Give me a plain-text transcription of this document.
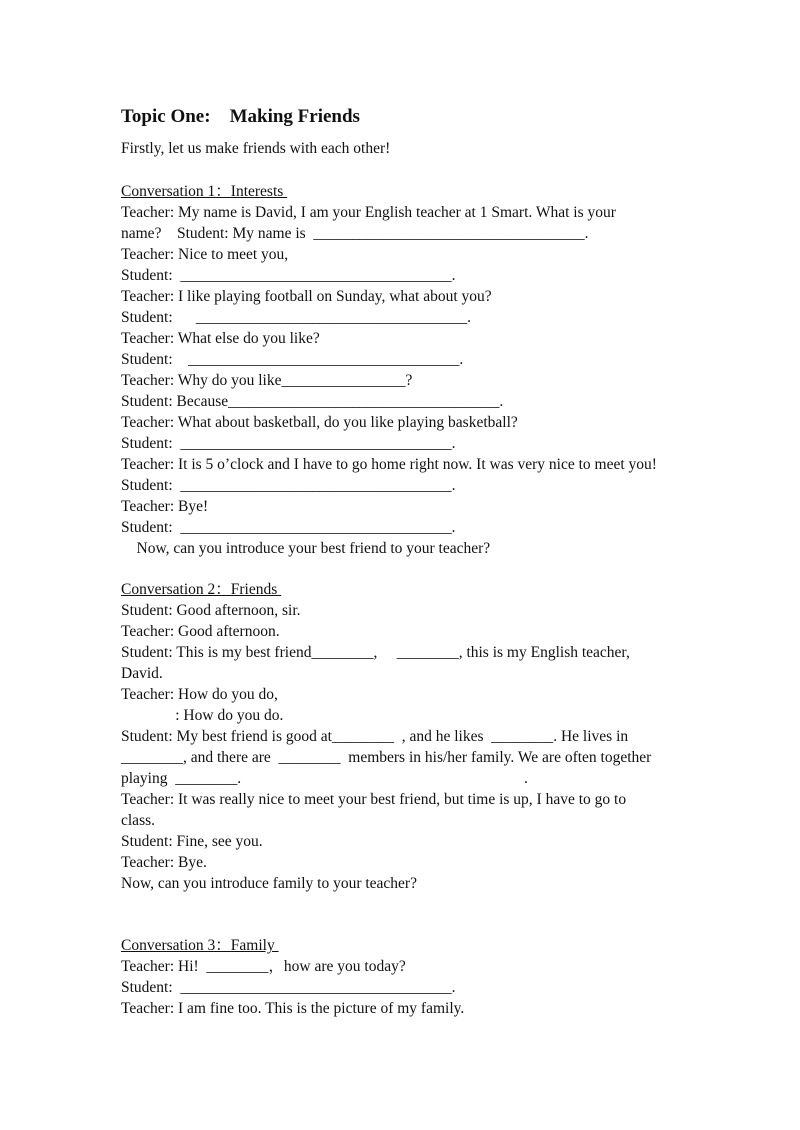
Topic One:    Making Friends
Firstly, let us make friends with each other!
Conversation 1：Interests
Teacher: My name is David, I am your English teacher at 1 Smart. What is your
name?    Student: My name is  ___________________________________.
Teacher: Nice to meet you,
Student:  ___________________________________.
Teacher: I like playing football on Sunday, what about you?
Student:      ___________________________________.
Teacher: What else do you like?
Student:    ___________________________________.
Teacher: Why do you like________________?
Student: Because___________________________________.
Teacher: What about basketball, do you like playing basketball?
Student:  ___________________________________.
Teacher: It is 5 o’clock and I have to go home right now. It was very nice to meet you!
Student:  ___________________________________.
Teacher: Bye!
Student:  ___________________________________.
Now, can you introduce your best friend to your teacher?
Conversation 2：Friends
Student: Good afternoon, sir.
Teacher: Good afternoon.
Student: This is my best friend________,     ________, this is my English teacher,
David.
Teacher: How do you do,
: How do you do.
Student: My best friend is good at________  , and he likes  ________. He lives in
________, and there are  ________  members in his/her family. We are often together
playing  ________.                                                                         .
Teacher: It was really nice to meet your best friend, but time is up, I have to go to
class.
Student: Fine, see you.
Teacher: Bye.
Now, can you introduce family to your teacher?
Conversation 3：Family
Teacher: Hi!  ________，how are you today?
Student:  ___________________________________.
Teacher: I am fine too. This is the picture of my family.
